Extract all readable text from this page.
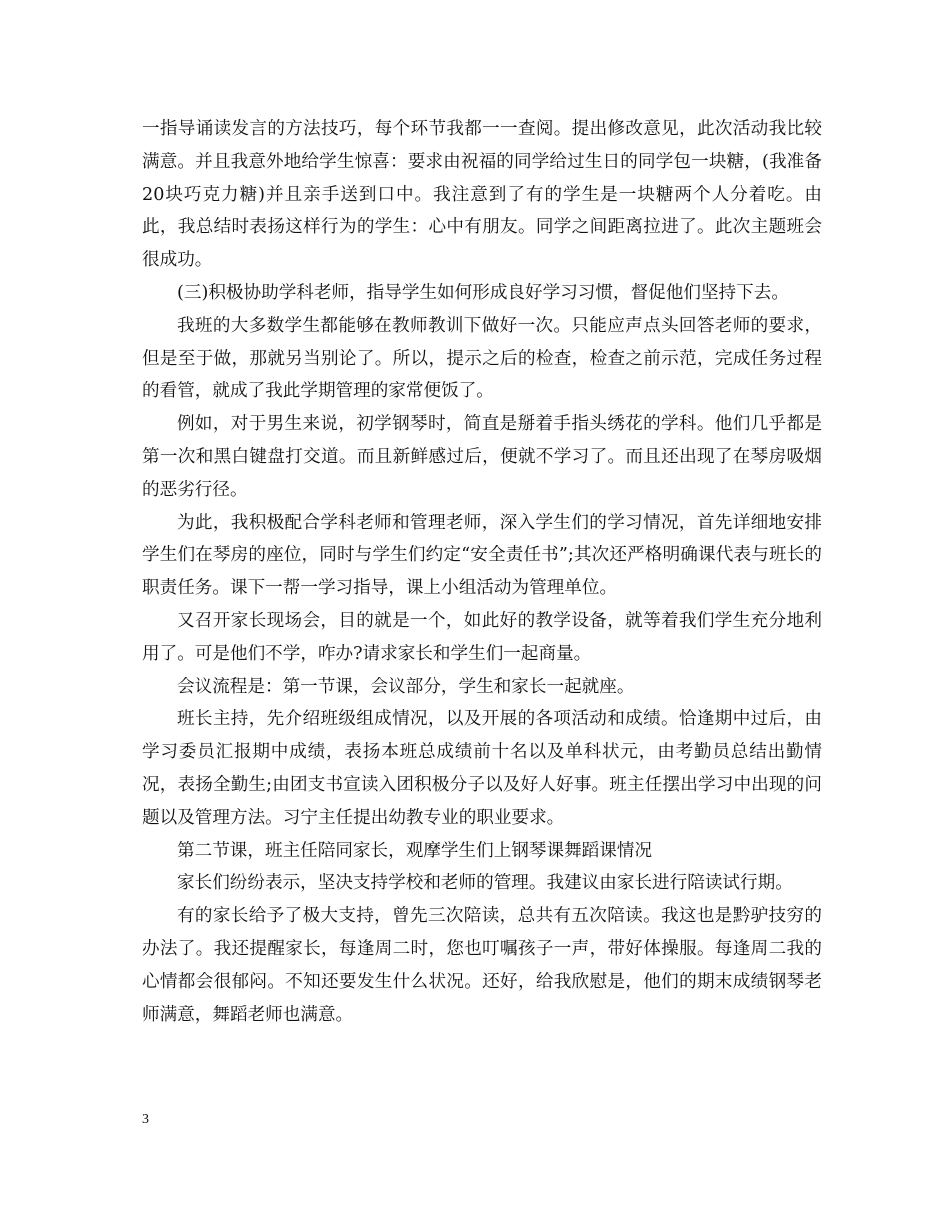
一指导诵读发言的方法技巧，每个环节我都一一查阅。提出修改意见，此次活动我比较满意。并且我意外地给学生惊喜：要求由祝福的同学给过生日的同学包一块糖，(我准备20块巧克力糖)并且亲手送到口中。我注意到了有的学生是一块糖两个人分着吃。由此，我总结时表扬这样行为的学生：心中有朋友。同学之间距离拉进了。此次主题班会很成功。

(三)积极协助学科老师，指导学生如何形成良好学习习惯，督促他们坚持下去。

我班的大多数学生都能够在教师教训下做好一次。只能应声点头回答老师的要求，但是至于做，那就另当别论了。所以，提示之后的检查，检查之前示范，完成任务过程的看管，就成了我此学期管理的家常便饭了。

例如，对于男生来说，初学钢琴时，简直是掰着手指头绣花的学科。他们几乎都是第一次和黑白键盘打交道。而且新鲜感过后，便就不学习了。而且还出现了在琴房吸烟的恶劣行径。

为此，我积极配合学科老师和管理老师，深入学生们的学习情况，首先详细地安排学生们在琴房的座位，同时与学生们约定“安全责任书”;其次还严格明确课代表与班长的职责任务。课下一帮一学习指导，课上小组活动为管理单位。

又召开家长现场会，目的就是一个，如此好的教学设备，就等着我们学生充分地利用了。可是他们不学，咋办?请求家长和学生们一起商量。

会议流程是：第一节课，会议部分，学生和家长一起就座。

班长主持，先介绍班级组成情况，以及开展的各项活动和成绩。恰逢期中过后，由学习委员汇报期中成绩，表扬本班总成绩前十名以及单科状元，由考勤员总结出勤情况，表扬全勤生;由团支书宣读入团积极分子以及好人好事。班主任摆出学习中出现的问题以及管理方法。习宁主任提出幼教专业的职业要求。

第二节课，班主任陪同家长，观摩学生们上钢琴课舞蹈课情况

家长们纷纷表示，坚决支持学校和老师的管理。我建议由家长进行陪读试行期。

有的家长给予了极大支持，曾先三次陪读，总共有五次陪读。我这也是黔驴技穷的办法了。我还提醒家长，每逢周二时，您也叮嘱孩子一声，带好体操服。每逢周二我的心情都会很郁闷。不知还要发生什么状况。还好，给我欣慰是，他们的期末成绩钢琴老师满意，舞蹈老师也满意。

3
